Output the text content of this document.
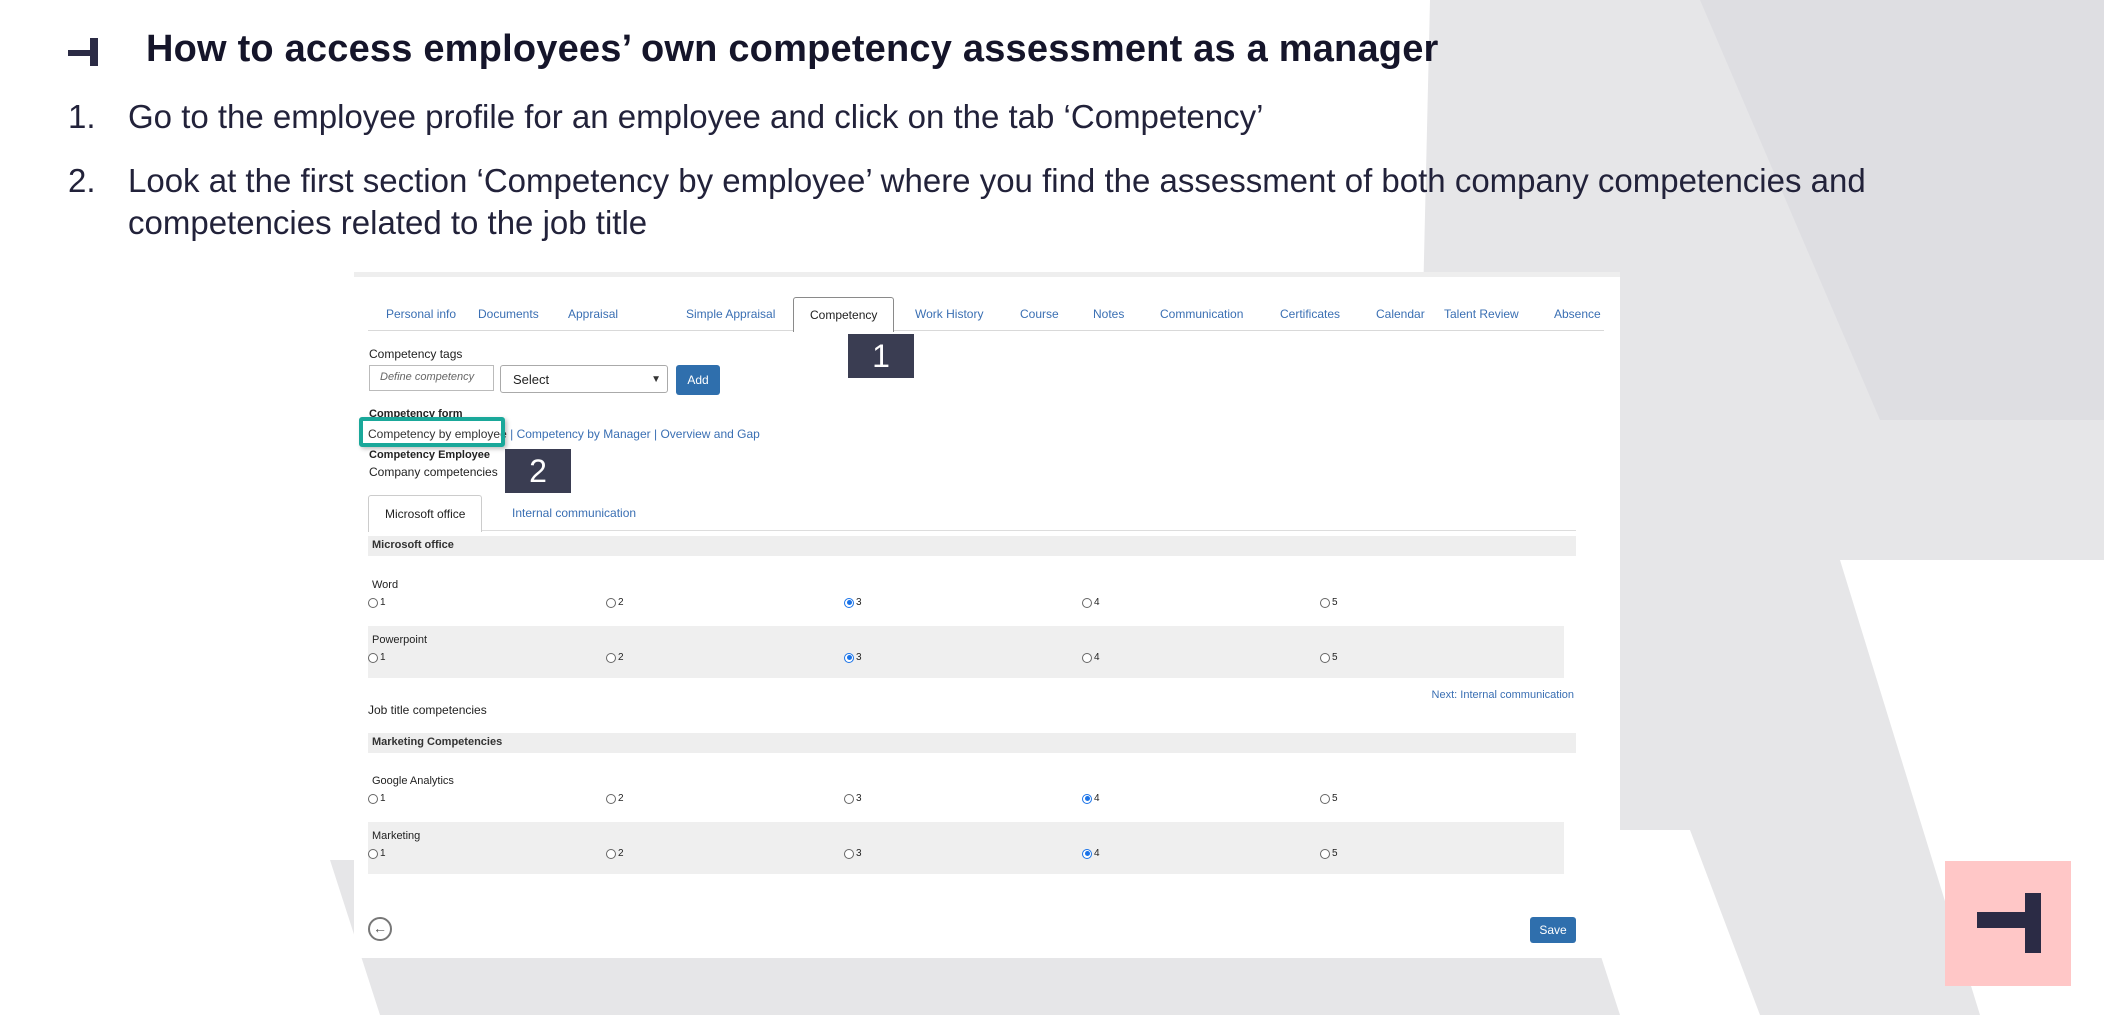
How to access employees’ own competency assessment as a manager
1. Go to the employee profile for an employee and click on the tab ‘Competency’
2. Look at the first section ‘Competency by employee’ where you find the assessment of both company competencies and competencies related to the job title
Personal info Documents Appraisal	Simple Appraisal	Competency	Work History	Course	Notes	Communication	Certificates	Calendar Talent Review	Absence
1
Competency tags
Define competency	Select	▼	Add
Competency form
Competency by employee | Competency by Manager | Overview and Gap
Competency Employee
Company competencies 2
Microsoft office	Internal communication
Microsoft office
Word
1	2	3	4	5
Powerpoint
1	2	3	4	5
Next: Internal communication
Job title competencies
Marketing Competencies
Google Analytics
1	2	3	4	5
Marketing
1	2	3	4	5
←	Save
